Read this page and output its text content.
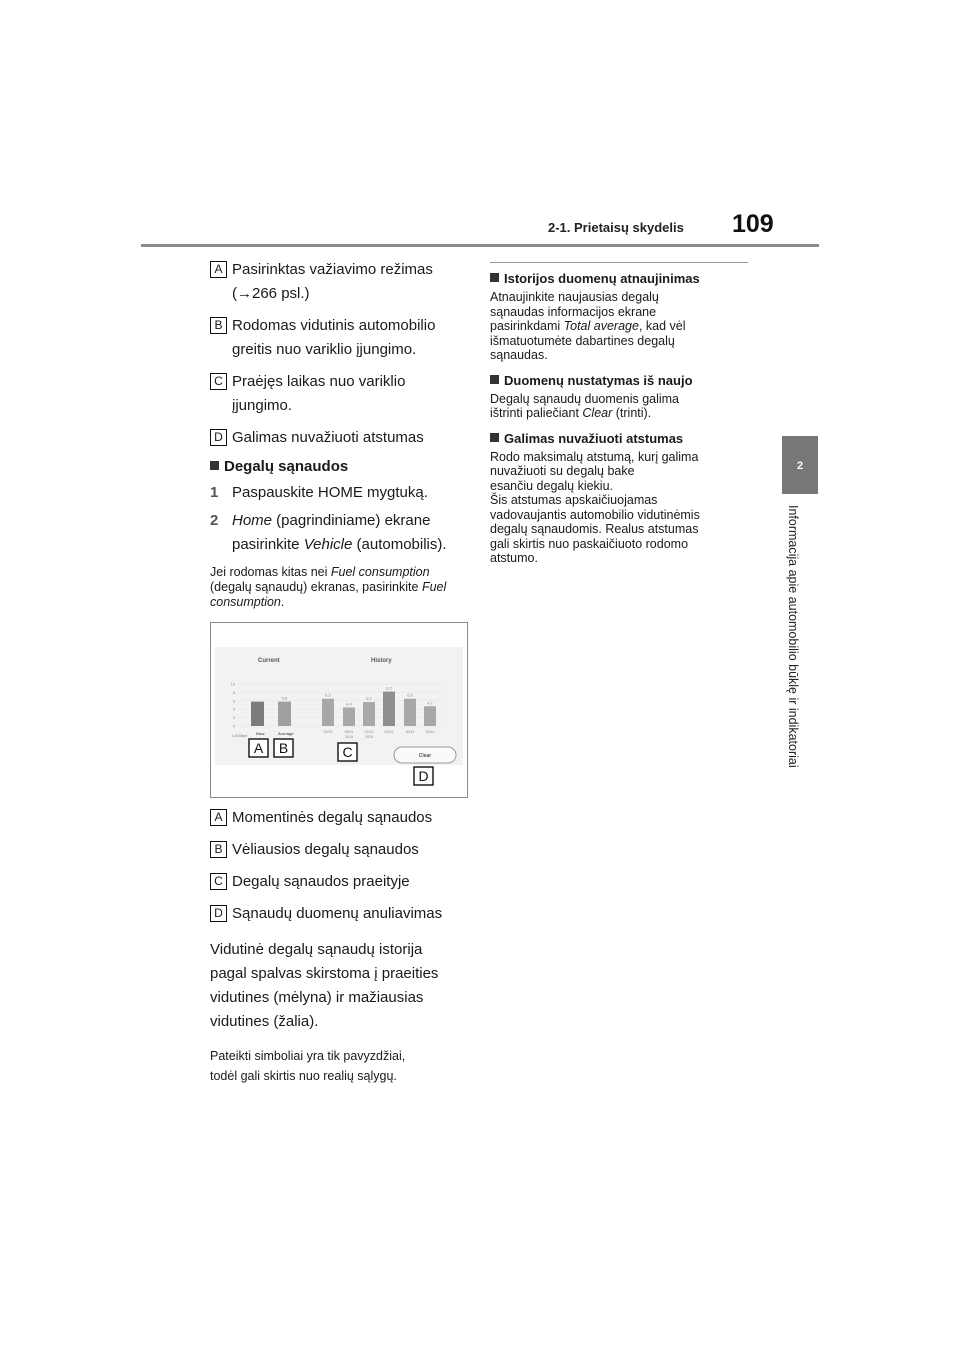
2-1. Prietaisų skydelis 109
2
Informacija apie automobilio būklę ir indikatoriai
A Pasirinktas važiavimo režimas
(→266 psl.)
B Rodomas vidutinis automobilio
greitis nuo variklio įjungimo.
C Praėjęs laikas nuo variklio
įjungimo.
D Galimas nuvažiuoti atstumas
Degalų sąnaudos
1 Paspauskite HOME mygtuką.
2 Home (pagrindiniame) ekrane
pasirinkite Vehicle (automobilis).
Jei rodomas kitas nei Fuel consumption (degalų sąnaudų) ekranas, pasirinkite Fuel consumption.
Current	History
10
8
6
4
2
0
5.8
6.5
25/10
4.4
05/01
2019
5.7
02/12
2019
8.2
01/03
6.5
30/11
4.7
25/10
L/100km Now	Average
Clear
A B	C
D
A Momentinės degalų sąnaudos
B Vėliausios degalų sąnaudos
C Degalų sąnaudos praeityje
D Sąnaudų duomenų anuliavimas
Vidutinė degalų sąnaudų istorija
pagal spalvas skirstoma į praeities
vidutines (mėlyna) ir mažiausias
vidutines (žalia).
Pateikti simboliai yra tik pavyzdžiai,
todėl gali skirtis nuo realių sąlygų.
Istorijos duomenų atnaujinimas
Atnaujinkite naujausias degalų
sąnaudas informacijos ekrane
pasirinkdami Total average, kad vėl
išmatuotumėte dabartines degalų
sąnaudas.
Duomenų nustatymas iš naujo
Degalų sąnaudų duomenis galima
ištrinti paliečiant Clear (trinti).
Galimas nuvažiuoti atstumas
Rodo maksimalų atstumą, kurį galima
nuvažiuoti su degalų bake
esančiu degalų kiekiu.
Šis atstumas apskaičiuojamas
vadovaujantis automobilio vidutinėmis
degalų sąnaudomis. Realus atstumas
gali skirtis nuo paskaičiuoto rodomo
atstumo.
